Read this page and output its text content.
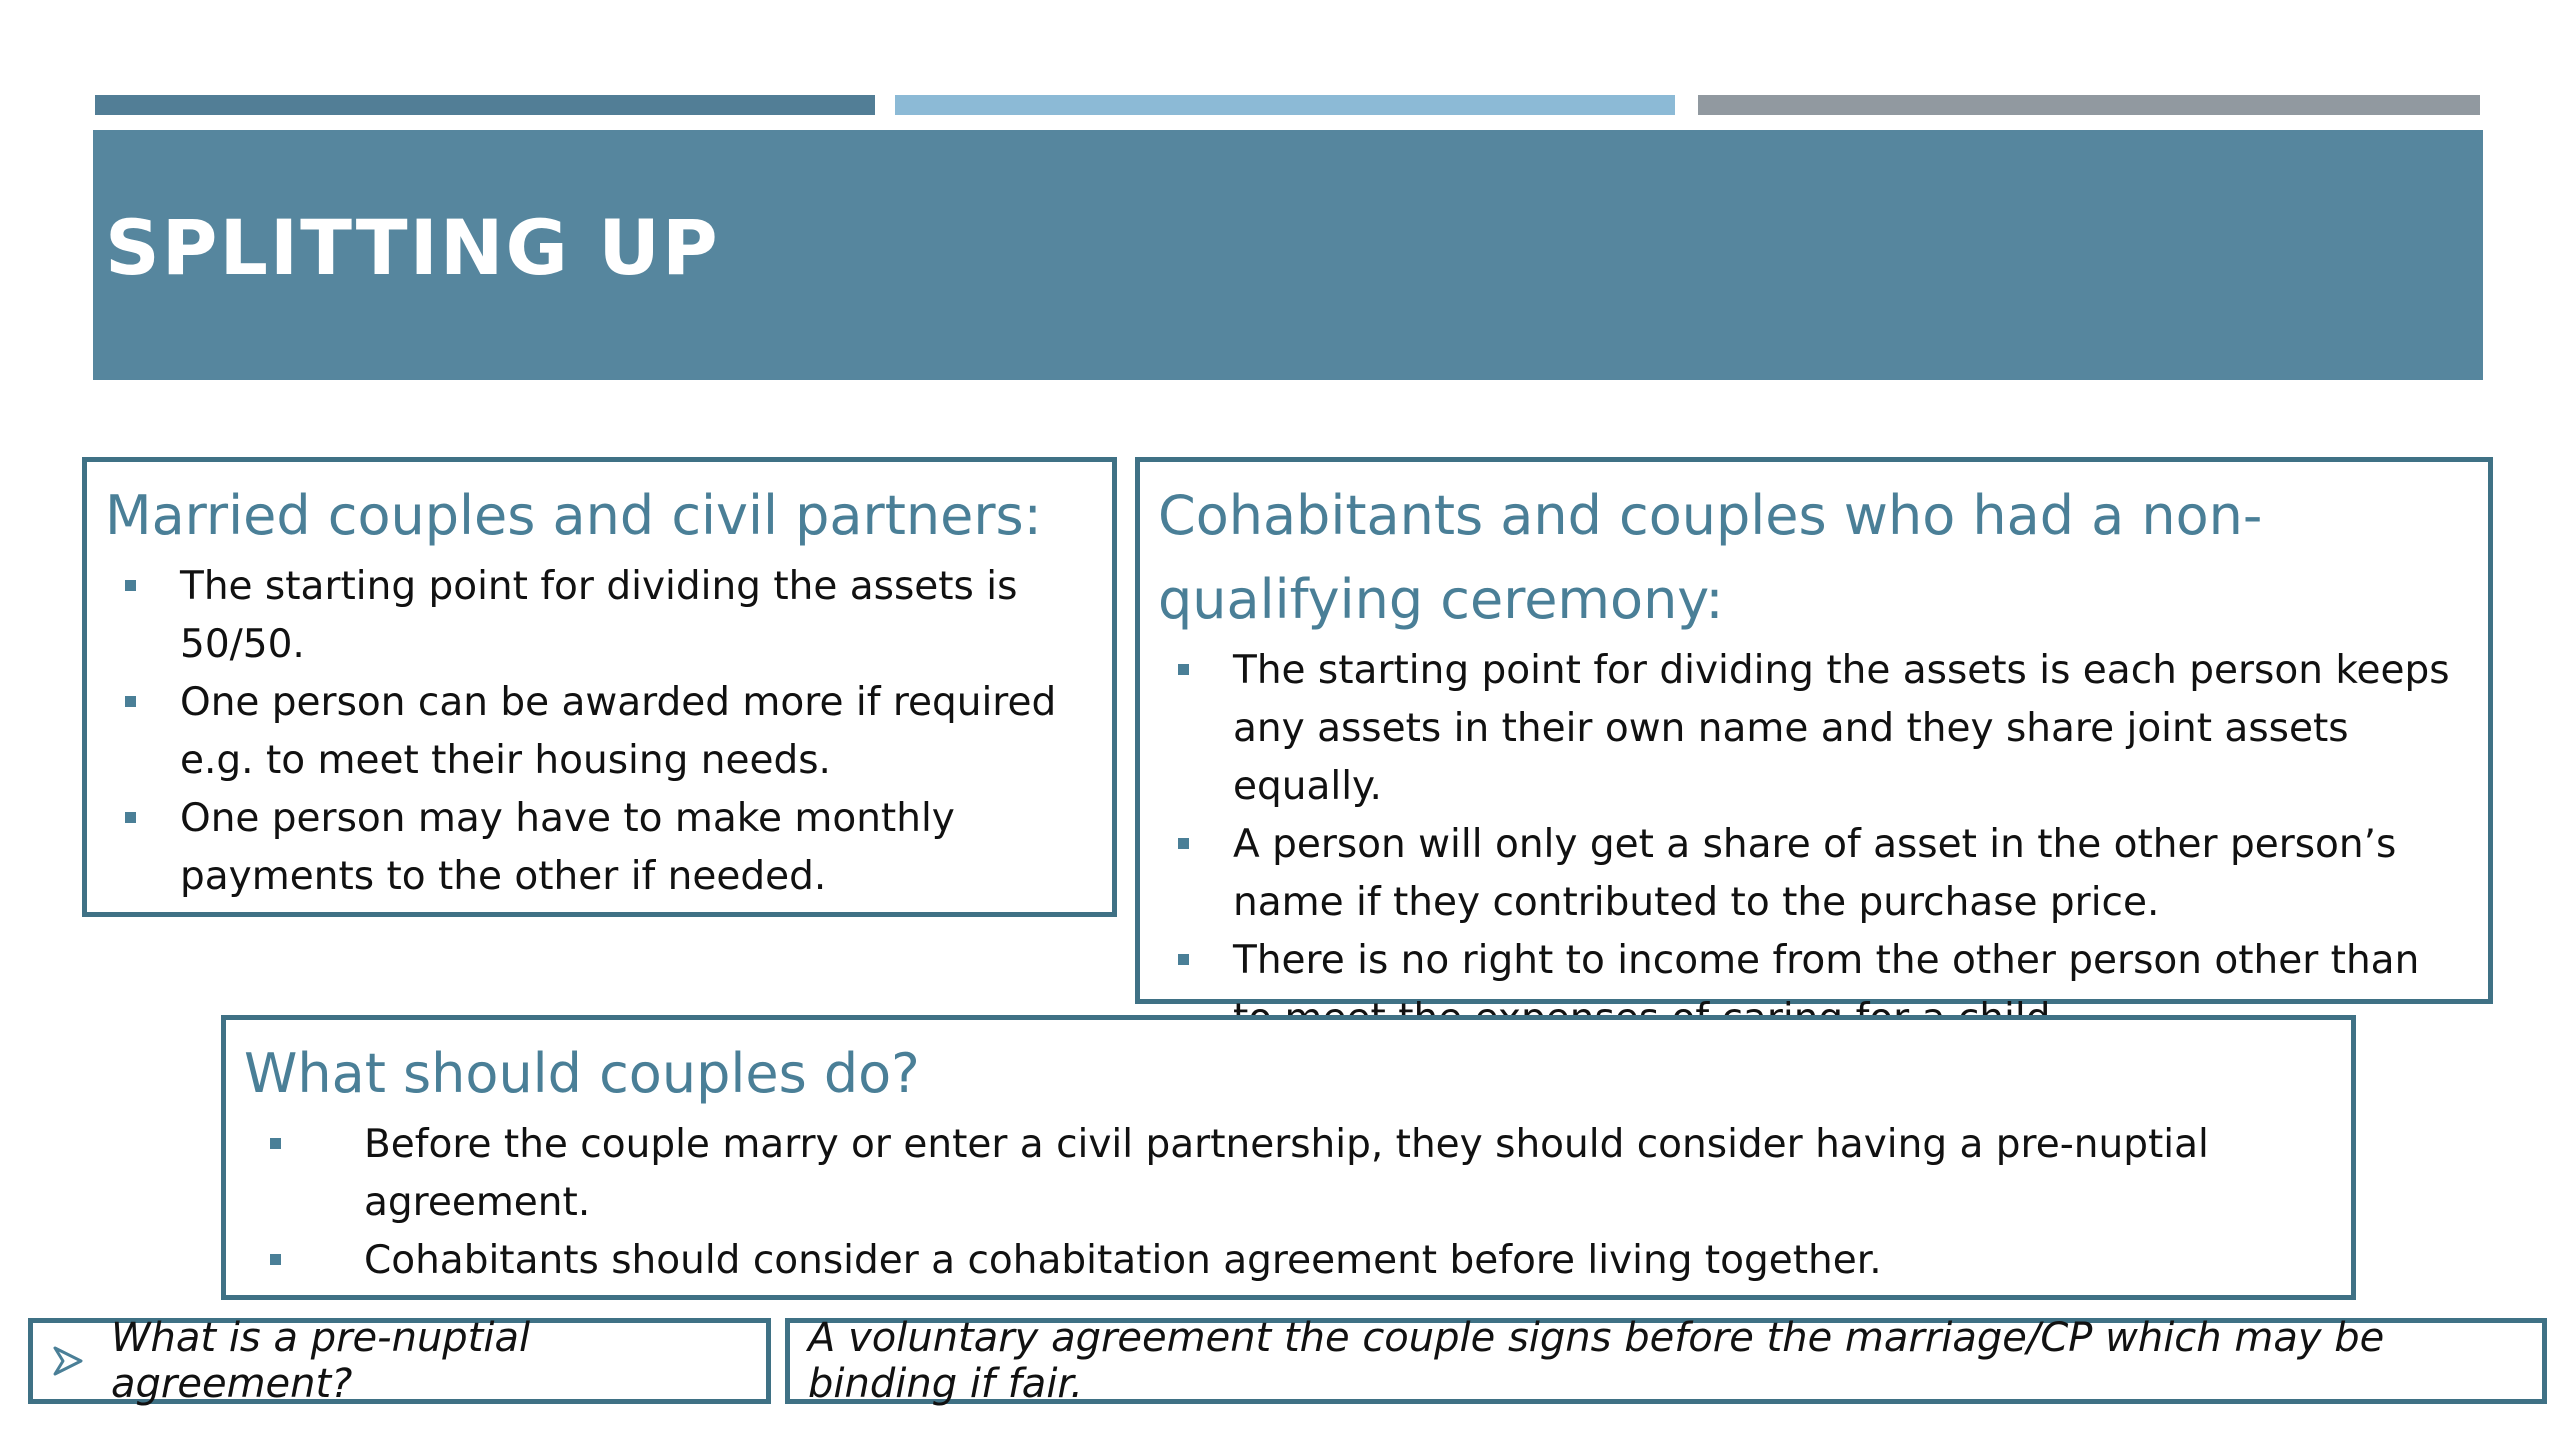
SPLITTING UP
Married couples and civil partners:
The starting point for dividing the assets is 50/50.
One person can be awarded more if required e.g. to meet their housing needs.
One person may have to make monthly payments to the other if needed.
Cohabitants and couples who had a non-qualifying ceremony:
The starting point for dividing the assets is each person keeps any assets in their own name and they share joint assets equally.
A person will only get a share of asset in the other person’s name if they contributed to the purchase price.
There is no right to income from the other person other than
What should couples do?
Before the couple marry or enter a civil partnership, they should consider having a pre-nuptial agreement.
Cohabitants should consider a cohabitation agreement before living together.
What is a pre-nuptial agreement?
A voluntary agreement the couple signs before the marriage/CP which may be binding if fair.
